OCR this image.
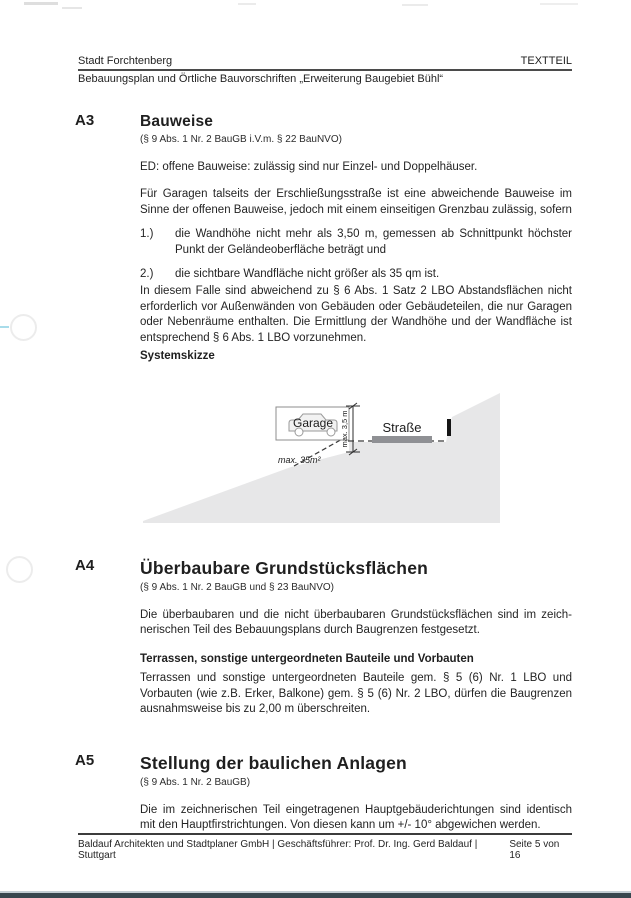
Stadt Forchtenberg	TEXTTEIL
Bebauungsplan und Örtliche Bauvorschriften „Erweiterung Baugebiet Bühl“
A3	Bauweise
(§ 9 Abs. 1 Nr. 2 BauGB i.V.m. § 22 BauNVO)
ED: offene Bauweise: zulässig sind nur Einzel- und Doppelhäuser.
Für Garagen talseits der Erschließungsstraße ist eine abweichende Bauweise im Sinne der offenen Bauweise, jedoch mit einem einseitigen Grenzbau zulässig, sofern
1.)	die Wandhöhe nicht mehr als 3,50 m, gemessen ab Schnittpunkt höchster Punkt der Geländeoberfläche beträgt und
2.)	die sichtbare Wandfläche nicht größer als 35 qm ist.
In diesem Falle sind abweichend zu § 6 Abs. 1 Satz 2 LBO Abstandsflächen nicht erforderlich vor Außenwänden von Gebäuden oder Gebäudeteilen, die nur Garagen oder Nebenräume enthalten. Die Ermittlung der Wandhöhe und der Wandfläche ist entsprechend § 6 Abs. 1 LBO vorzunehmen.
Systemskizze
Garage
max. 35m²
max. 3,5 m	Straße
A4	Überbaubare Grundstücksflächen
(§ 9 Abs. 1 Nr. 2 BauGB und § 23 BauNVO)
Die überbaubaren und die nicht überbaubaren Grundstücksflächen sind im zeichnerischen Teil des Bebauungsplans durch Baugrenzen festgesetzt.
Terrassen, sonstige untergeordneten Bauteile und Vorbauten
Terrassen und sonstige untergeordneten Bauteile gem. § 5 (6) Nr. 1 LBO und Vorbauten (wie z.B. Erker, Balkone) gem. § 5 (6) Nr. 2 LBO, dürfen die Baugrenzen ausnahmsweise bis zu 2,00 m überschreiten.
A5	Stellung der baulichen Anlagen
(§ 9 Abs. 1 Nr. 2 BauGB)
Die im zeichnerischen Teil eingetragenen Hauptgebäuderichtungen sind identisch mit den Hauptfirstrichtungen. Von diesen kann um +/- 10° abgewichen werden.
Baldauf Architekten und Stadtplaner GmbH | Geschäftsführer: Prof. Dr. Ing. Gerd Baldauf | Stuttgart
Seite 5 von 16
